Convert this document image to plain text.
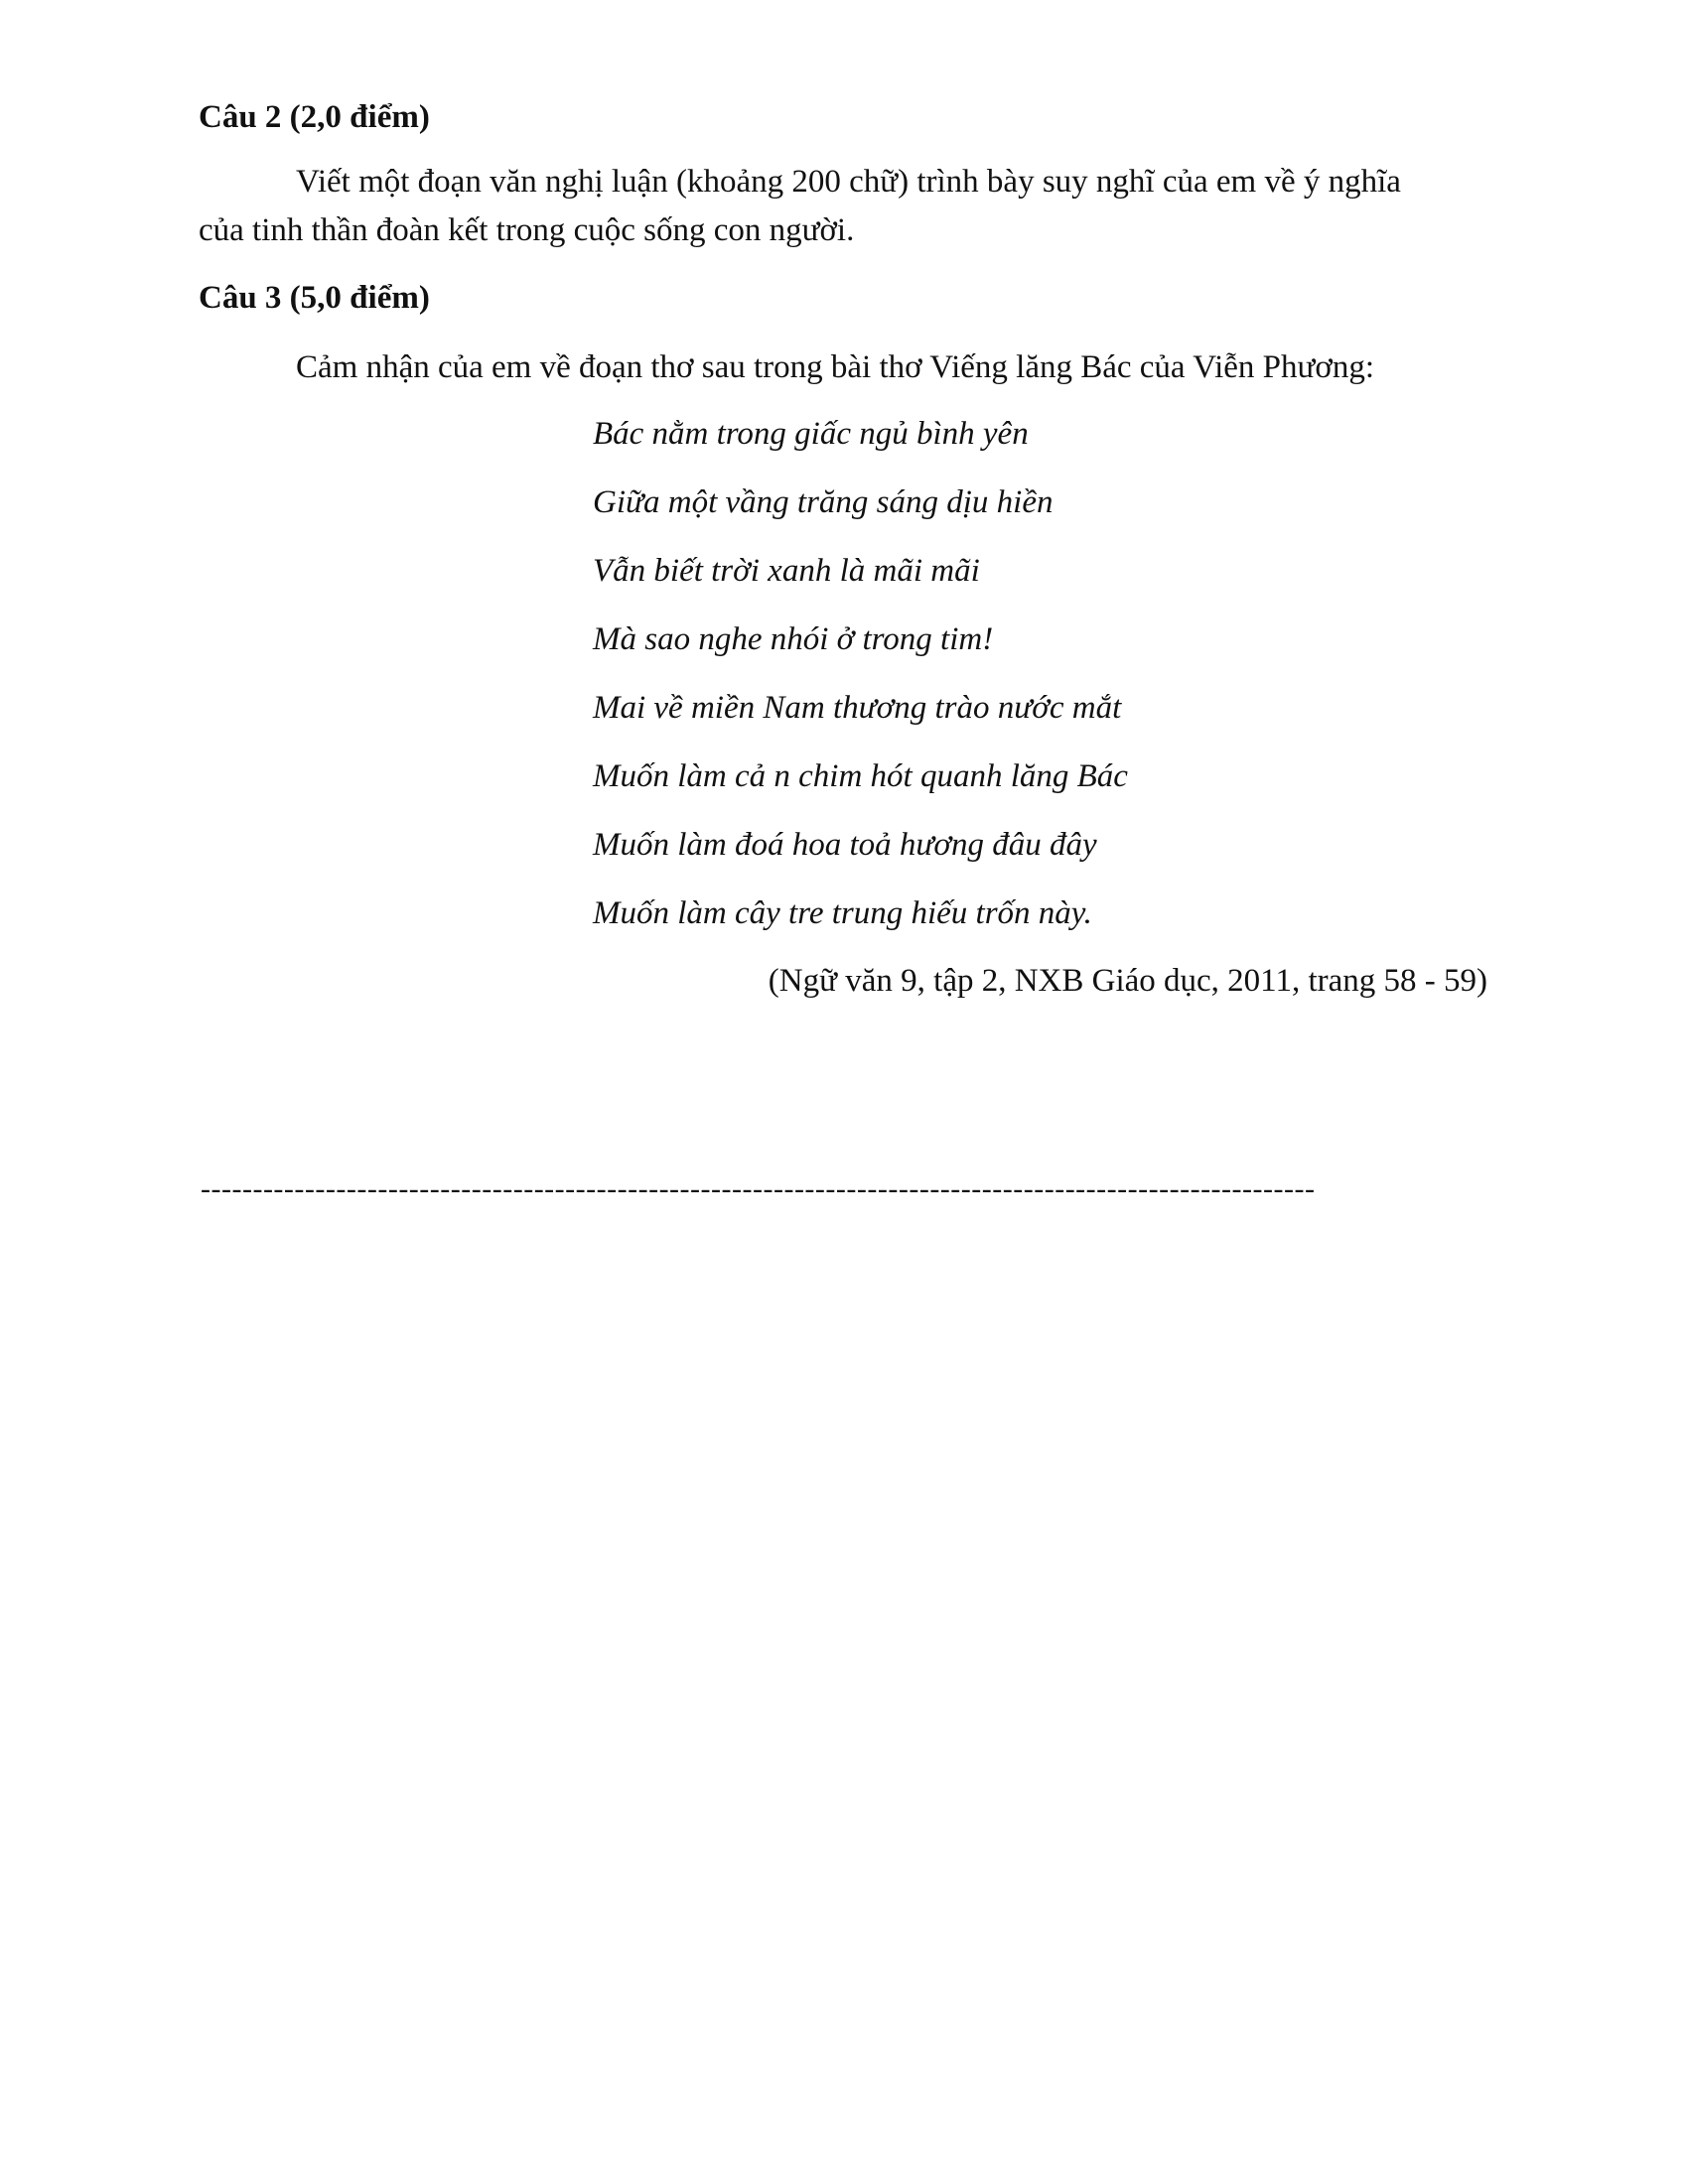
Câu 2 (2,0 điểm)
Viết một đoạn văn nghị luận (khoảng 200 chữ) trình bày suy nghĩ của em về ý nghĩa
của tinh thần đoàn kết trong cuộc sống con người.
Câu 3 (5,0 điểm)
Cảm nhận của em về đoạn thơ sau trong bài thơ Viếng lăng Bác của Viễn Phương:
Bác nằm trong giấc ngủ bình yên
Giữa một vầng trăng sáng dịu hiền
Vẫn biết trời xanh là mãi mãi
Mà sao nghe nhói ở trong tim!
Mai về miền Nam thương trào nước mắt
Muốn làm cả n chim hót quanh lăng Bác
Muốn làm đoá hoa toả hương đâu đây
Muốn làm cây tre trung hiếu trốn này.
(Ngữ văn 9, tập 2, NXB Giáo dục, 2011, trang 58 - 59)
-----------------------------------------------------------------------------------------------------------
